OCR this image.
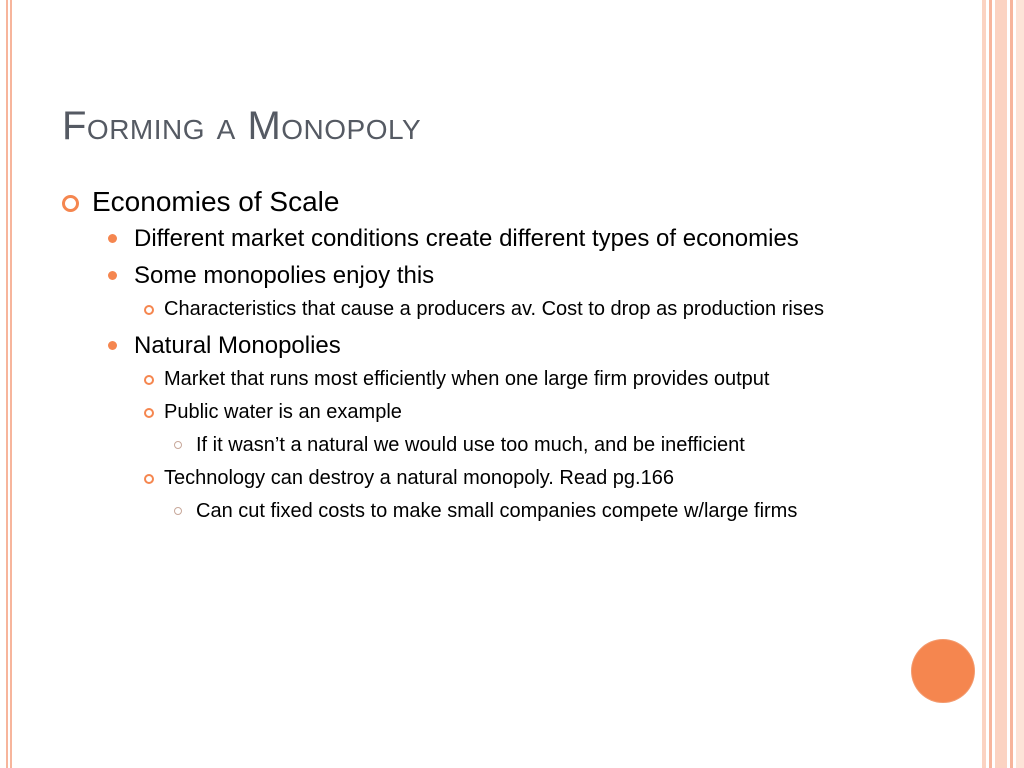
Forming a Monopoly
Economies of Scale
Different market conditions create different types of economies
Some monopolies enjoy this
Characteristics that cause a producers av. Cost to drop as production rises
Natural Monopolies
Market that runs most efficiently when one large firm provides output
Public water is an example
If it wasn’t a natural we would use too much, and be inefficient
Technology can destroy a natural monopoly. Read pg.166
Can cut fixed costs to make small companies compete w/large firms
